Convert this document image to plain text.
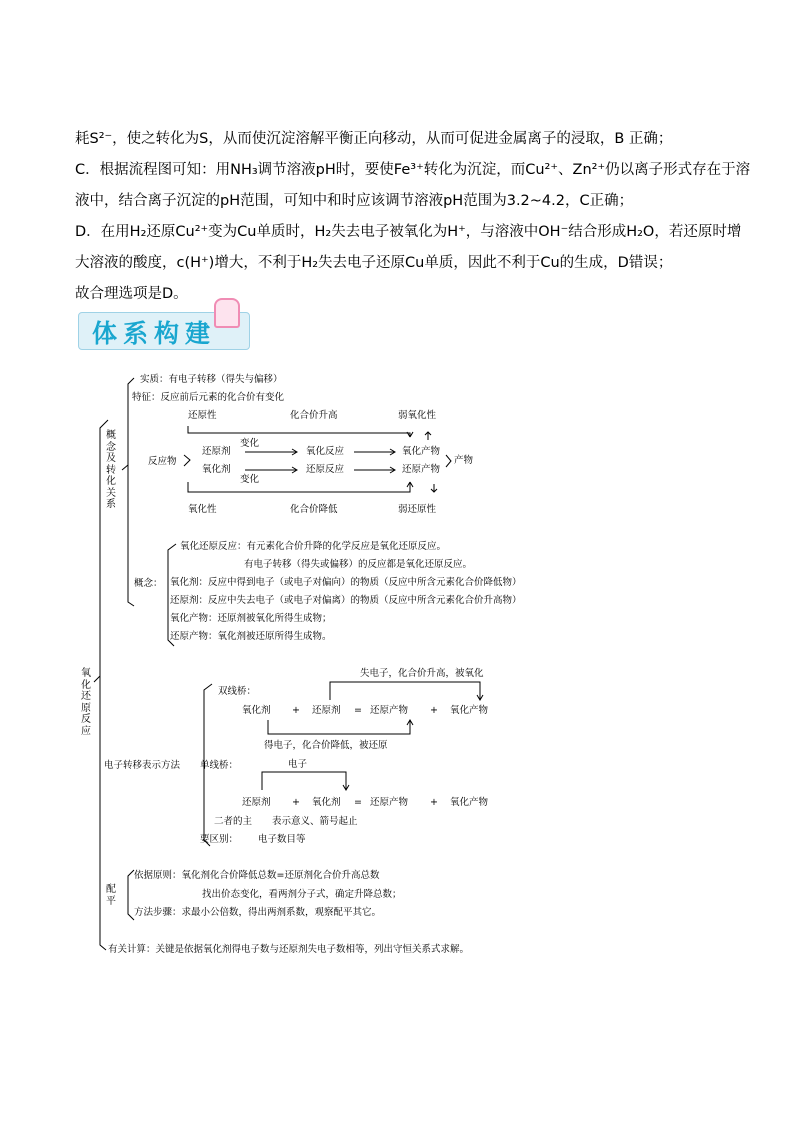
耗S²⁻，使之转化为S，从而使沉淀溶解平衡正向移动，从而可促进金属离子的浸取，B 正确；

C．根据流程图可知：用NH₃调节溶液pH时，要使Fe³⁺转化为沉淀，而Cu²⁺、Zn²⁺仍以离子形式存在于溶

液中，结合离子沉淀的pH范围，可知中和时应该调节溶液pH范围为3.2~4.2，C正确；

D．在用H₂还原Cu²⁺变为Cu单质时，H₂失去电子被氧化为H⁺，与溶液中OH⁻结合形成H₂O，若还原时增

大溶液的酸度，c(H⁺)增大，不利于H₂失去电子还原Cu单质，因此不利于Cu的生成，D错误；

故合理选项是D。

体系构建
氧化还原反应
概念及转化关系
实质：有电子转移（得失与偏移）
特征：反应前后元素的化合价有变化
还原性	化合价升高	弱氧化性
反应物
变化
还原剂
氧化剂
变化
氧化反应
还原反应
氧化产物
还原产物
产物
氧化性	化合价降低	弱还原性
概念：
氧化还原反应：有元素化合价升降的化学反应是氧化还原反应。
有电子转移（得失或偏移）的反应都是氧化还原反应。
氧化剂：反应中得到电子（或电子对偏向）的物质（反应中所含元素化合价降低物）
还原剂：反应中失去电子（或电子对偏离）的物质（反应中所含元素化合价升高物）
氧化产物：还原剂被氧化所得生成物；
还原产物：氧化剂被还原所得生成物。
电子转移表示方法
双线桥：
失电子，化合价升高，被氧化
氧化剂 + 还原剂 = 还原产物 + 氧化产物
得电子，化合价降低，被还原
单线桥：	电子
还原剂 + 氧化剂 = 还原产物 + 氧化产物
二者的主 表示意义、箭号起止
要区别： 电子数目等
配平
依据原则：氧化剂化合价降低总数=还原剂化合价升高总数
找出价态变化，看两剂分子式，确定升降总数；
方法步骤：求最小公倍数，得出两剂系数，观察配平其它。
有关计算：关键是依据氧化剂得电子数与还原剂失电子数相等，列出守恒关系式求解。
